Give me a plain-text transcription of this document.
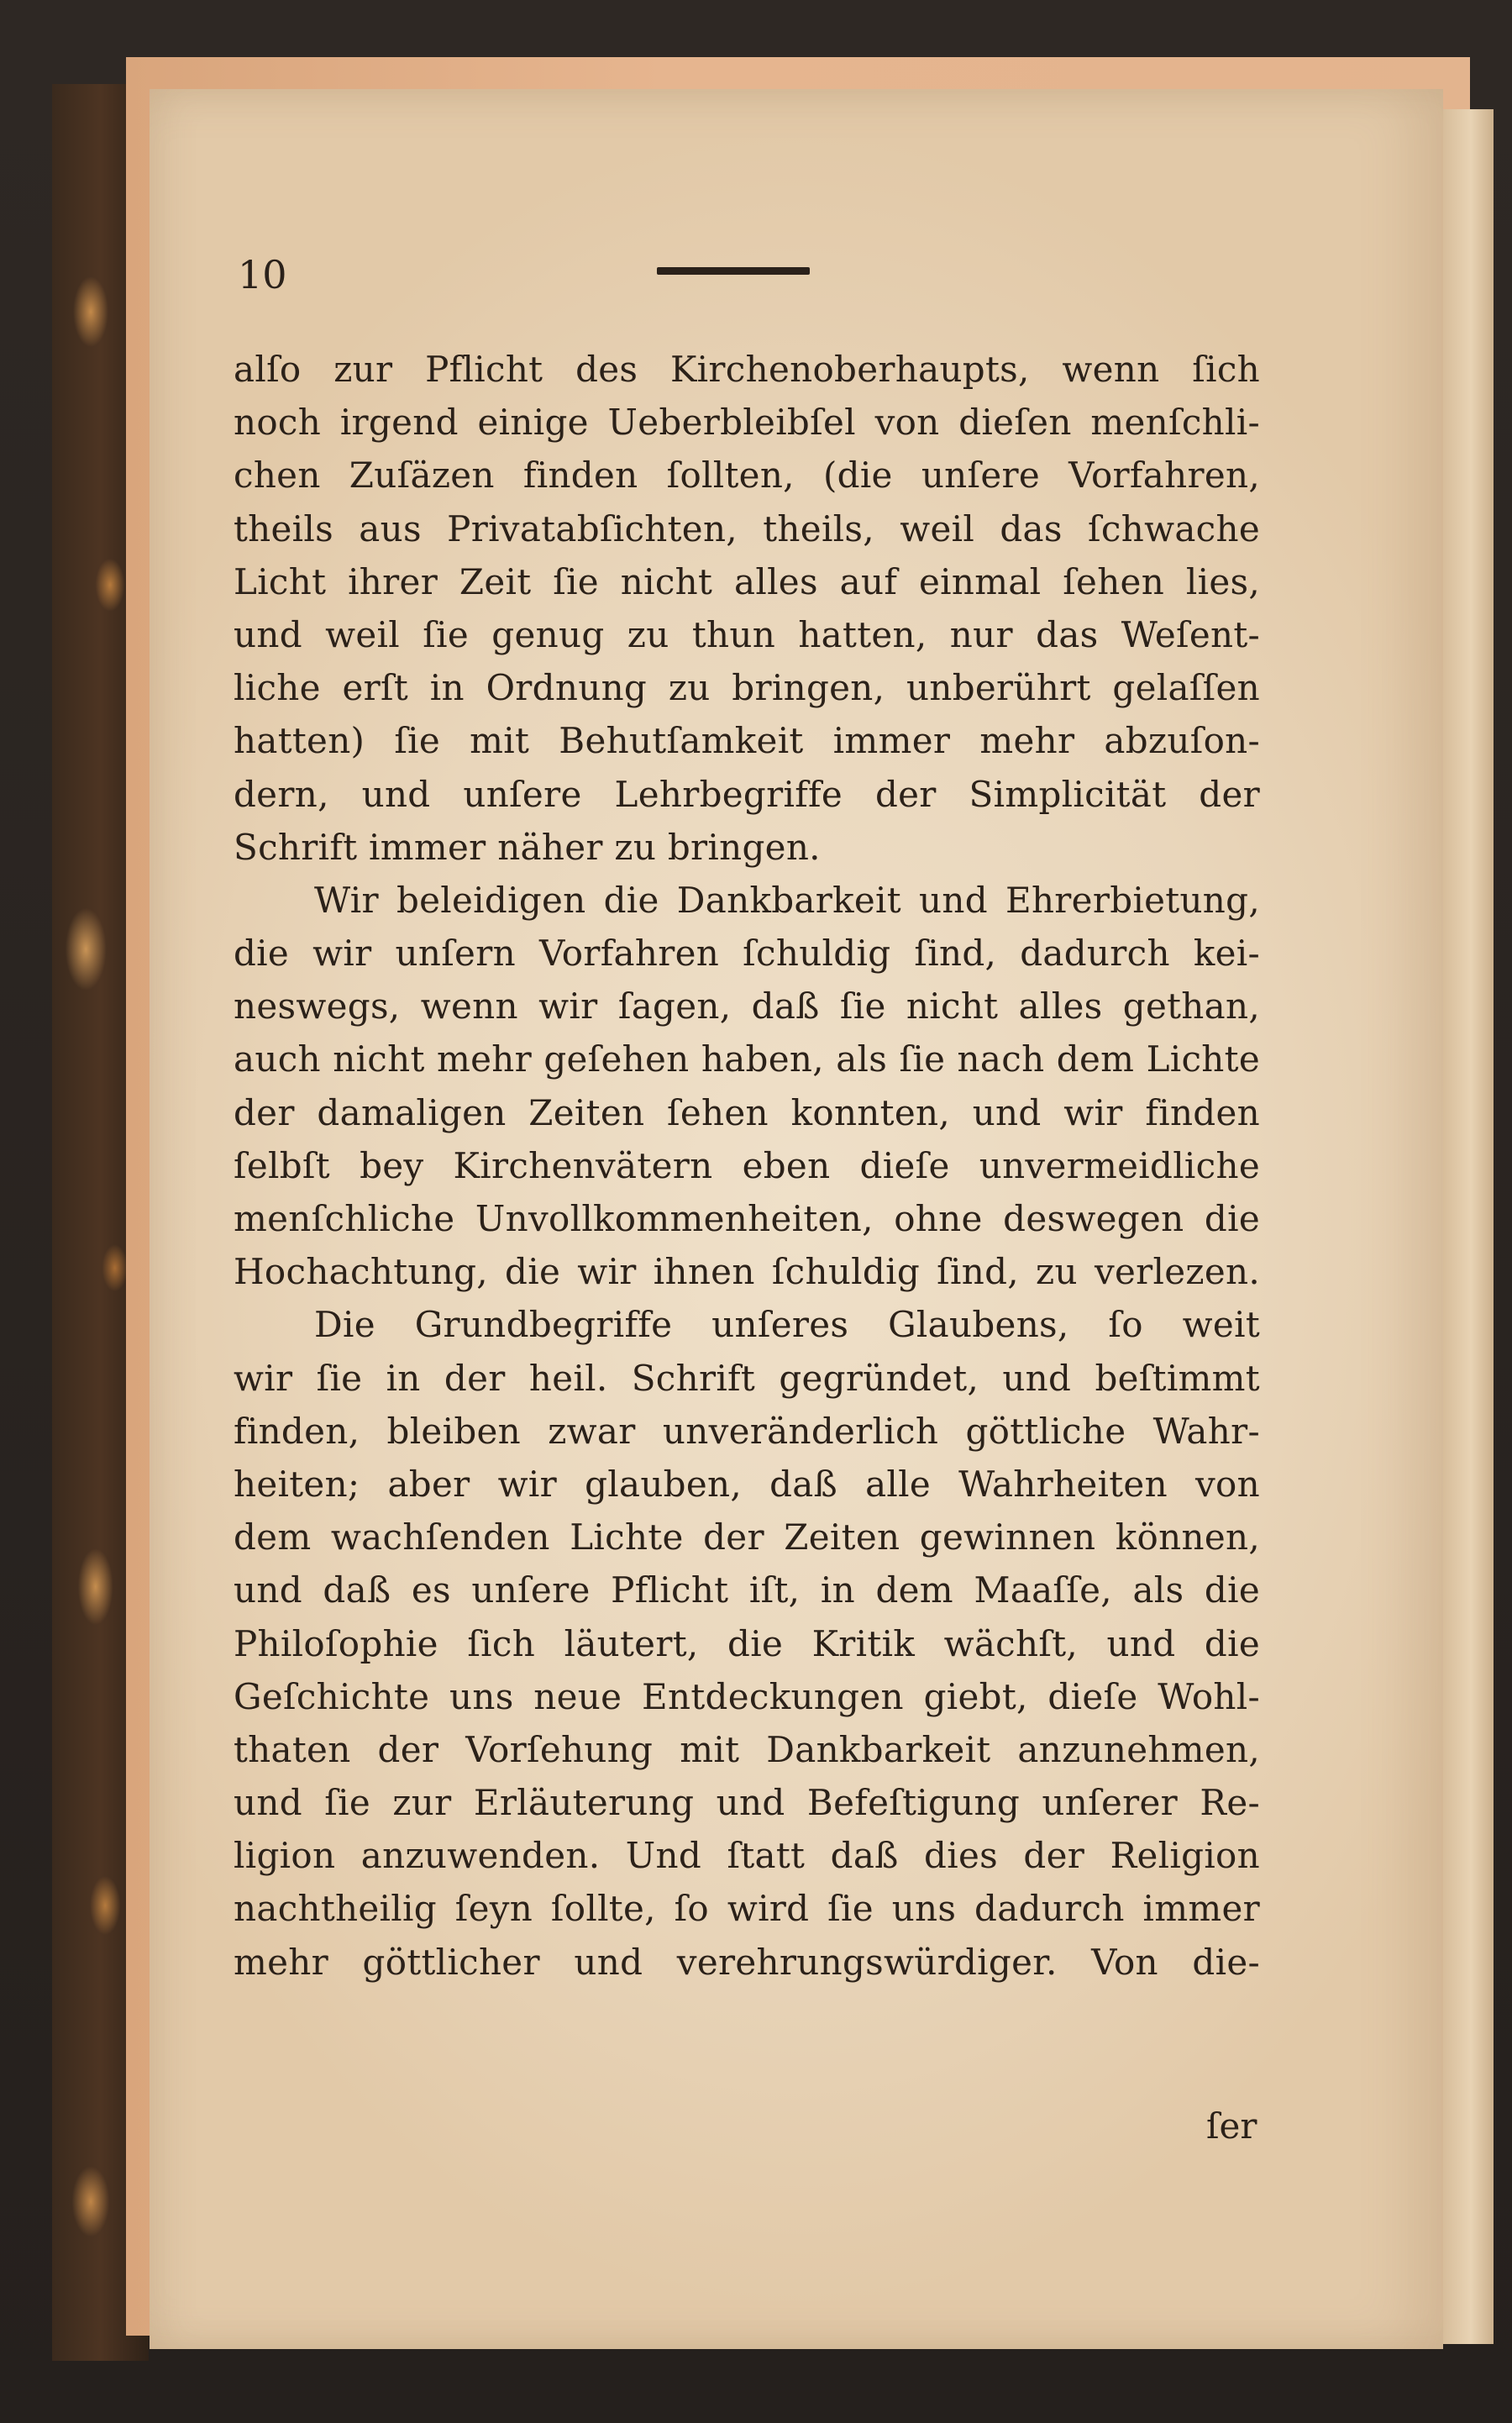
10
alſo zur Pflicht des Kirchenoberhaupts, wenn ſich
noch irgend einige Ueberbleibſel von dieſen menſchli-
chen Zuſäzen finden ſollten, (die unſere Vorfahren,
theils aus Privatabſichten, theils, weil das ſchwache
Licht ihrer Zeit ſie nicht alles auf einmal ſehen lies,
und weil ſie genug zu thun hatten, nur das Weſent-
liche erſt in Ordnung zu bringen, unberührt gelaſſen
hatten) ſie mit Behutſamkeit immer mehr abzuſon-
dern, und unſere Lehrbegriffe der Simplicität der
Schrift immer näher zu bringen.
Wir beleidigen die Dankbarkeit und Ehrerbietung,
die wir unſern Vorfahren ſchuldig ſind, dadurch kei-
neswegs, wenn wir ſagen, daß ſie nicht alles gethan,
auch nicht mehr geſehen haben, als ſie nach dem Lichte
der damaligen Zeiten ſehen konnten, und wir finden
ſelbſt bey Kirchenvätern eben dieſe unvermeidliche
menſchliche Unvollkommenheiten, ohne deswegen die
Hochachtung, die wir ihnen ſchuldig ſind, zu verlezen.
Die Grundbegriffe unſeres Glaubens, ſo weit
wir ſie in der heil. Schrift gegründet, und beſtimmt
finden, bleiben zwar unveränderlich göttliche Wahr-
heiten; aber wir glauben, daß alle Wahrheiten von
dem wachſenden Lichte der Zeiten gewinnen können,
und daß es unſere Pflicht iſt, in dem Maaſſe, als die
Philoſophie ſich läutert, die Kritik wächſt, und die
Geſchichte uns neue Entdeckungen giebt, dieſe Wohl-
thaten der Vorſehung mit Dankbarkeit anzunehmen,
und ſie zur Erläuterung und Befeſtigung unſerer Re-
ligion anzuwenden. Und ſtatt daß dies der Religion
nachtheilig ſeyn ſollte, ſo wird ſie uns dadurch immer
mehr göttlicher und verehrungswürdiger. Von die-
ſer
